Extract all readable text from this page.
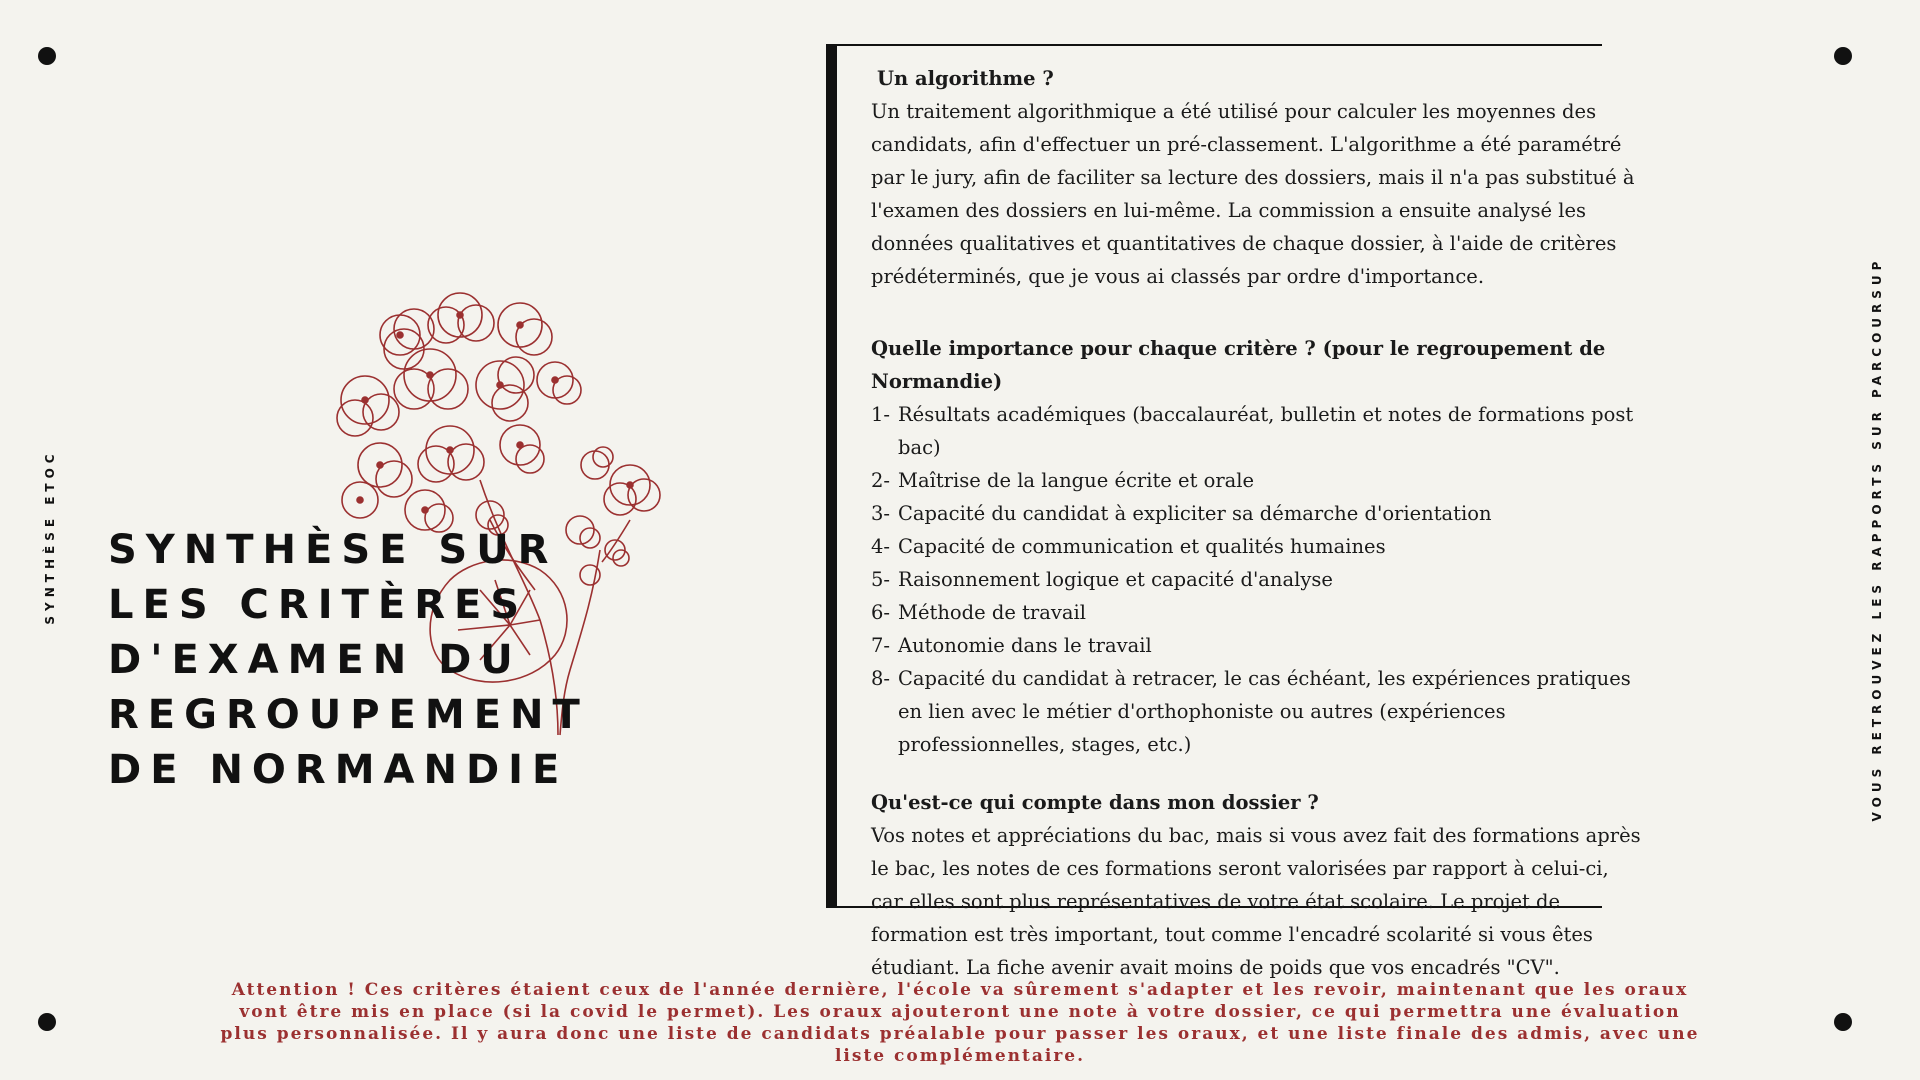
SYNTHÈSE ETOC	VOUS RETROUVEZ LES RAPPORTS SUR PARCOURSUP
SYNTHÈSE SUR
LES CRITÈRES
D'EXAMEN DU
REGROUPEMENT
DE NORMANDIE

Un algorithme ?

Un traitement algorithmique a été utilisé pour calculer les moyennes des candidats, afin d'effectuer un pré-classement. L'algorithme a été paramétré par le jury, afin de faciliter sa lecture des dossiers, mais il n'a pas substitué à l'examen des dossiers en lui-même. La commission a ensuite analysé les données qualitatives et quantitatives de chaque dossier, à l'aide de critères prédéterminés, que je vous ai classés par ordre d'importance.

Quelle importance pour chaque critère ? (pour le regroupement de Normandie)

1- Résultats académiques (baccalauréat, bulletin et notes de formations post bac)
2- Maîtrise de la langue écrite et orale
3- Capacité du candidat à expliciter sa démarche d'orientation
4- Capacité de communication et qualités humaines
5- Raisonnement logique et capacité d'analyse
6- Méthode de travail
7- Autonomie dans le travail
8- Capacité du candidat à retracer, le cas échéant, les expériences pratiques en lien avec le métier d'orthophoniste ou autres (expériences professionnelles, stages, etc.)

Qu'est-ce qui compte dans mon dossier ?

Vos notes et appréciations du bac, mais si vous avez fait des formations après le bac, les notes de ces formations seront valorisées par rapport à celui-ci, car elles sont plus représentatives de votre état scolaire. Le projet de formation est très important, tout comme l'encadré scolarité si vous êtes étudiant. La fiche avenir avait moins de poids que vos encadrés "CV".

Attention ! Ces critères étaient ceux de l'année dernière, l'école va sûrement s'adapter et les revoir, maintenant que les oraux vont être mis en place (si la covid le permet). Les oraux ajouteront une note à votre dossier, ce qui permettra une évaluation plus personnalisée. Il y aura donc une liste de candidats préalable pour passer les oraux, et une liste finale des admis, avec une liste complémentaire.
